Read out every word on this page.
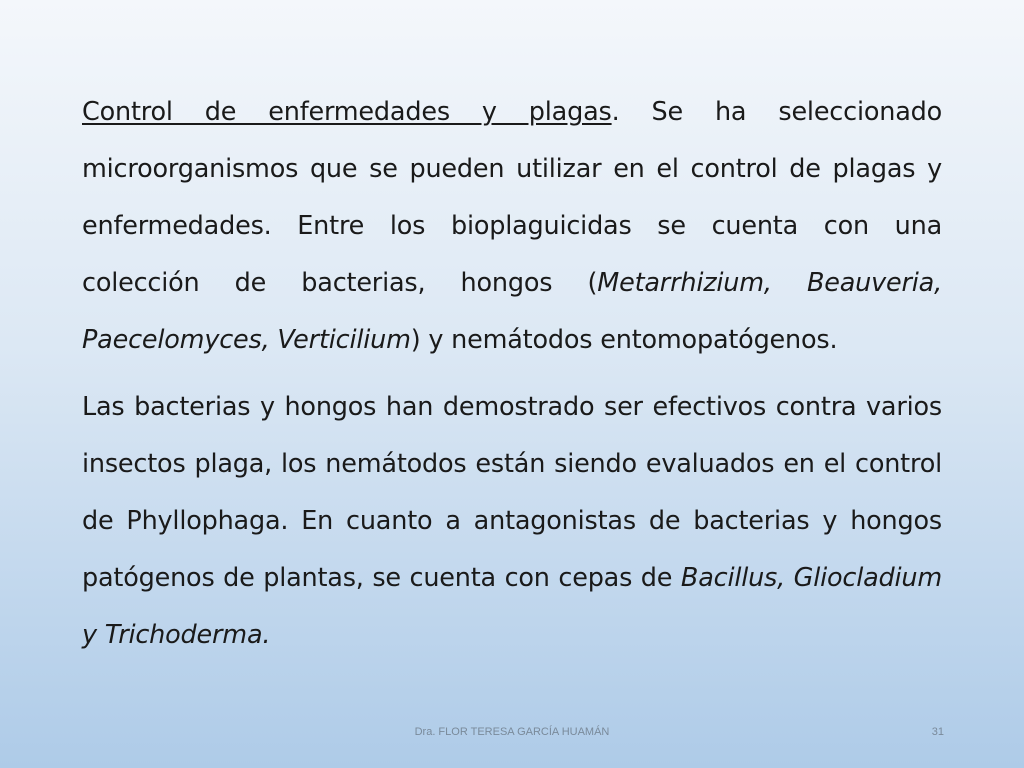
Control de enfermedades y plagas. Se ha seleccionado microorganismos que se pueden utilizar en el control de plagas y enfermedades. Entre los bioplaguicidas se cuenta con una colección de bacterias, hongos (Metarrhizium, Beauveria, Paecelomyces, Verticilium) y nemátodos entomopatógenos.

Las bacterias y hongos han demostrado ser efectivos contra varios insectos plaga, los nemátodos están siendo evaluados en el control de Phyllophaga. En cuanto a antagonistas de bacterias y hongos patógenos de plantas, se cuenta con cepas de Bacillus, Gliocladium y Trichoderma.

Dra. FLOR TERESA GARCÍA HUAMÁN	31
